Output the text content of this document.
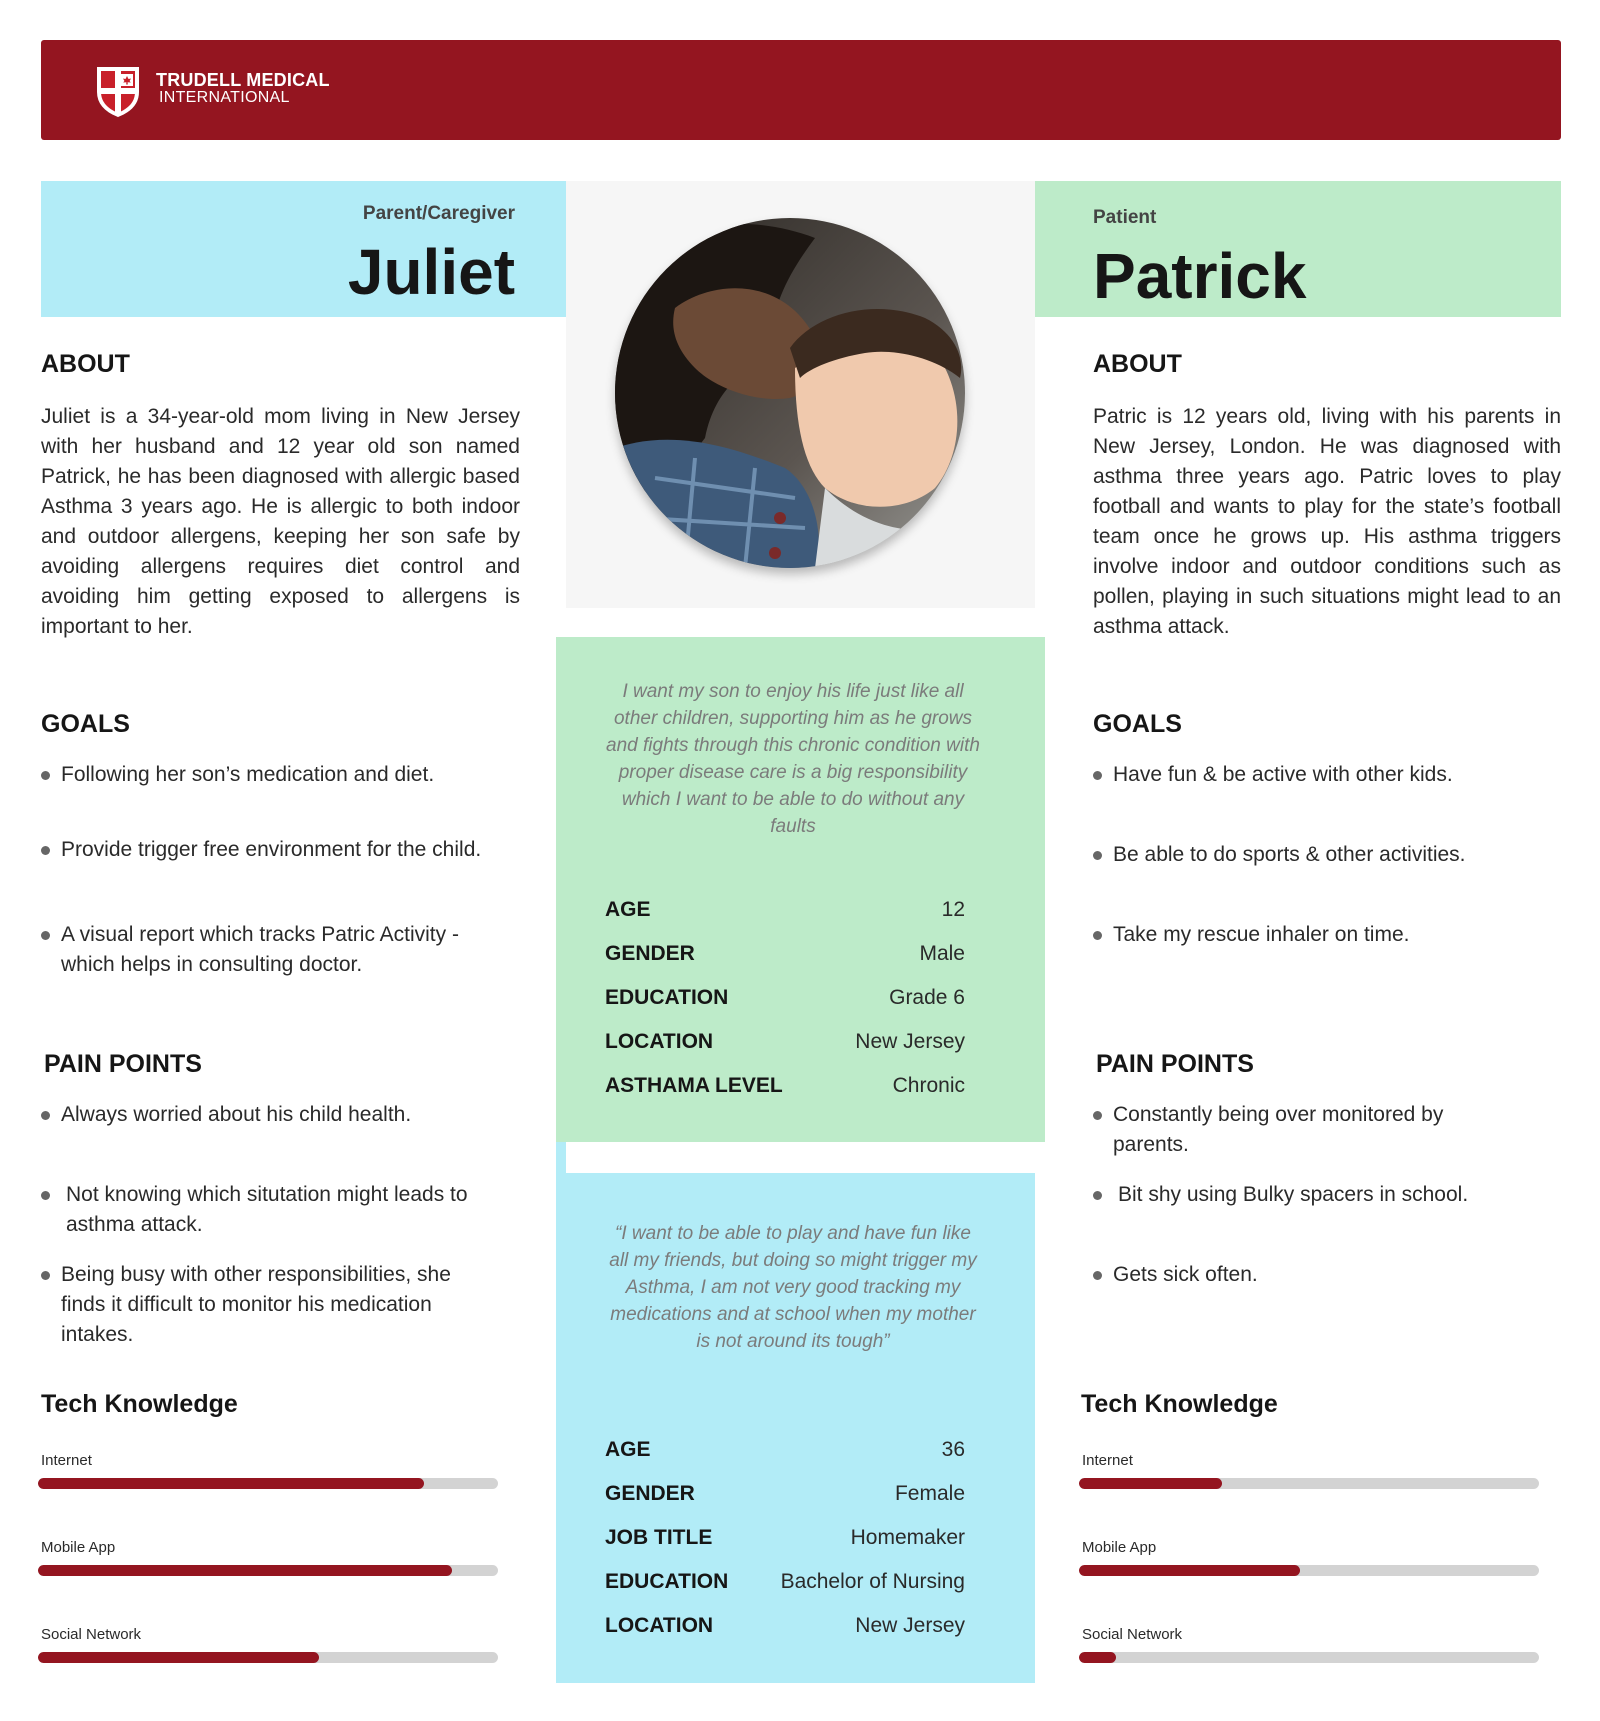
TRUDELL MEDICAL
INTERNATIONAL
Parent/Caregiver
Juliet
Patient
Patrick
ABOUT
Juliet is a 34-year-old mom living in New Jersey with her husband and 12 year old son named Patrick, he has been diagnosed with allergic based Asthma 3 years ago. He is allergic to both indoor and outdoor allergens, keeping her son safe by avoiding allergens requires diet control and avoiding him getting exposed to allergens is important to her.
ABOUT
Patric is 12 years old, living with his parents in New Jersey, London. He was diagnosed with asthma three years ago. Patric loves to play football and wants to play for the state’s football team once he grows up. His asthma triggers involve indoor and outdoor conditions such as pollen, playing in such situations might lead to an asthma attack.
GOALS
Following her son’s medication and diet.
Provide trigger free environment for the child.
A visual report which tracks Patric Activity - which helps in consulting doctor.
GOALS
Have fun & be active with other kids.
Be able to do sports & other activities.
Take my rescue inhaler on time.
PAIN POINTS
Always worried about his child health.
Not knowing which situtation might leads to asthma attack.
Being busy with other responsibilities, she finds it difficult to monitor his medication intakes.
PAIN POINTS
Constantly being over monitored by parents.
Bit shy using Bulky spacers in school.
Gets sick often.
Tech Knowledge
Internet
Mobile App
Social Network
Tech Knowledge
Internet
Mobile App
Social Network
I want my son to enjoy his life just like all other children, supporting him as he grows and fights through this chronic condition with proper disease care is a big responsibility which I want to be able to do without any faults
AGE	12
GENDER	Male
EDUCATION	Grade 6
LOCATION	New Jersey
ASTHAMA LEVEL	Chronic
“I want to be able to play and have fun like all my friends, but doing so might trigger my Asthma, I am not very good tracking my medications and at school when my mother is not around its tough”
AGE	36
GENDER	Female
JOB TITLE	Homemaker
EDUCATION Bachelor of Nursing
LOCATION	New Jersey
